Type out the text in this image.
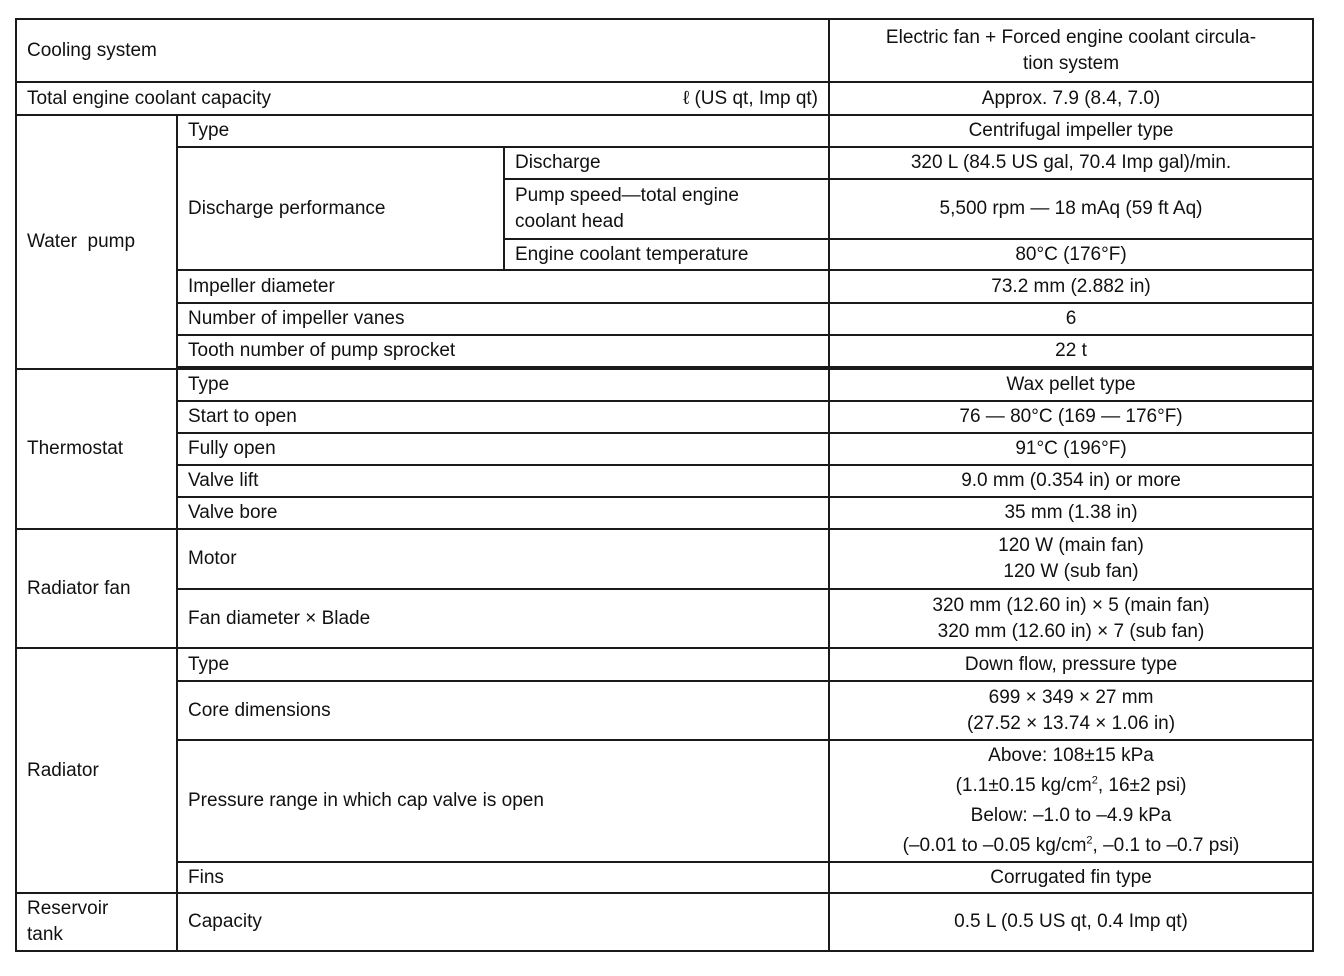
Cooling system			Electric fan + Forced engine coolant circula-
tion system

Total engine coolant capacity ℓ (US qt, Imp qt)			Approx. 7.9 (8.4, 7.0)
Water  pump	Type		Centrifugal impeller type
	Discharge performance	Discharge	320 L (84.5 US gal, 70.4 Imp gal)/min.

		Pump speed—total engine
coolant head	5,500 rpm — 18 mAq (59 ft Aq)
		Engine coolant temperature	80°C (176°F)
	Impeller diameter		73.2 mm (2.882 in)
	Number of impeller vanes		6
	Tooth number of pump sprocket		22 t

Thermostat	Type		Wax pellet type
	Start to open		76 — 80°C (169 — 176°F)
	Fully open		91°C (196°F)
	Valve lift		9.0 mm (0.354 in) or more
	Valve bore		35 mm (1.38 in)
Radiator fan	Motor		120 W (main fan)
120 W (sub fan)

	Fan diameter × Blade		320 mm (12.60 in) × 5 (main fan)
320 mm (12.60 in) × 7 (sub fan)

Radiator	Type		Down flow, pressure type
	Core dimensions		699 × 349 × 27 mm
(27.52 × 13.74 × 1.06 in)

	Pressure range in which cap valve is open		Above: 108±15 kPa
(1.1±0.15 $kg/cm^2$, 16±2 psi)
Below: –1.0 to –4.9 kPa
(–0.01 to –0.05 $kg/cm^2$, –0.1 to –0.7 psi)

	Fins		Corrugated fin type

Reservoir
tank	Capacity		0.5 L (0.5 US qt, 0.4 Imp qt)
